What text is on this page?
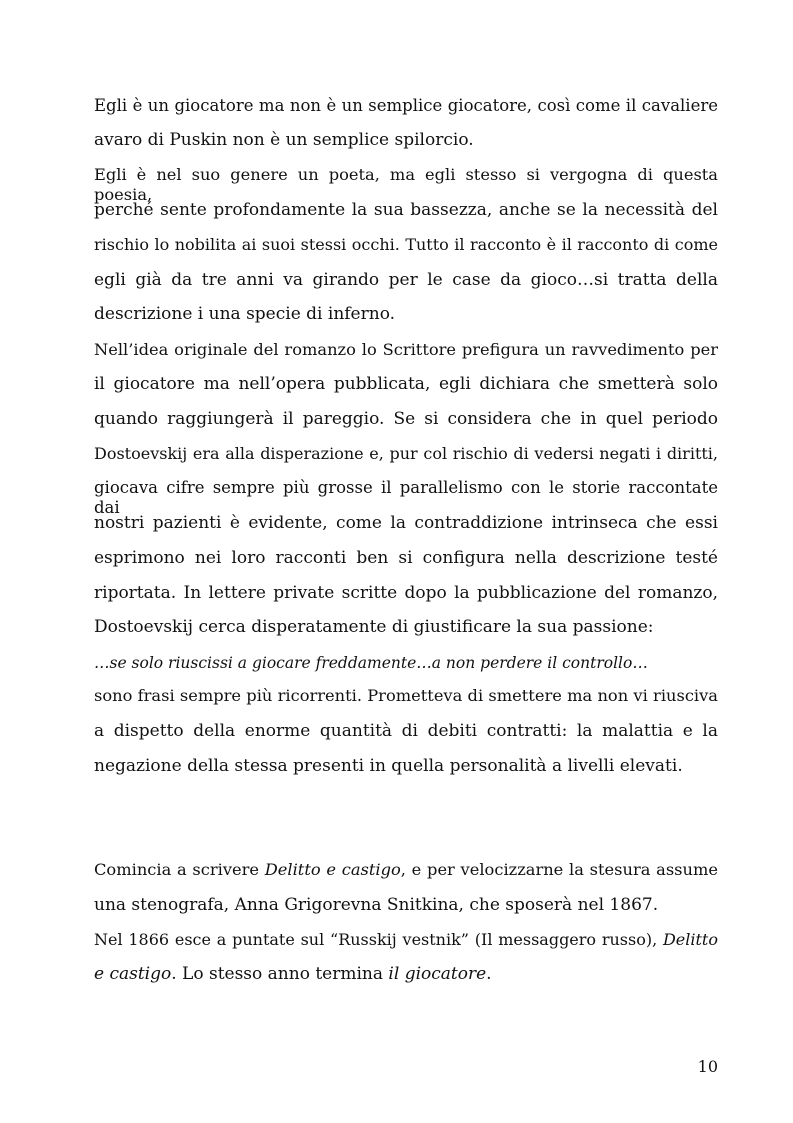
Egli è un giocatore ma non è un semplice giocatore, così come il cavaliere
avaro di Puskin non è un semplice spilorcio.
Egli è nel suo genere un poeta, ma egli stesso si vergogna di questa poesia,
perché sente profondamente la sua bassezza, anche se la necessità del
rischio lo nobilita ai suoi stessi occhi. Tutto il racconto è il racconto di come
egli già da tre anni va girando per le case da gioco…si tratta della
descrizione i una specie di inferno.
Nell’idea originale del romanzo lo Scrittore prefigura un ravvedimento per
il giocatore ma nell’opera pubblicata, egli dichiara che smetterà solo
quando raggiungerà il pareggio. Se si considera che in quel periodo
Dostoevskij era alla disperazione e, pur col rischio di vedersi negati i diritti,
giocava cifre sempre più grosse il parallelismo con le storie raccontate dai
nostri pazienti è evidente, come la contraddizione intrinseca che essi
esprimono nei loro racconti ben si configura nella descrizione testé
riportata. In lettere private scritte dopo la pubblicazione del romanzo,
Dostoevskij cerca disperatamente di giustificare la sua passione:
…se solo riuscissi a giocare freddamente…a non perdere il controllo…
sono frasi sempre più ricorrenti. Prometteva di smettere ma non vi riusciva
a dispetto della enorme quantità di debiti contratti: la malattia e la
negazione della stessa presenti in quella personalità a livelli elevati.
Comincia a scrivere Delitto e castigo, e per velocizzarne la stesura assume
una stenografa, Anna Grigorevna Snitkina, che sposerà nel 1867.
Nel 1866 esce a puntate sul “Russkij vestnik” (Il messaggero russo), Delitto
e castigo. Lo stesso anno termina il giocatore.
10
